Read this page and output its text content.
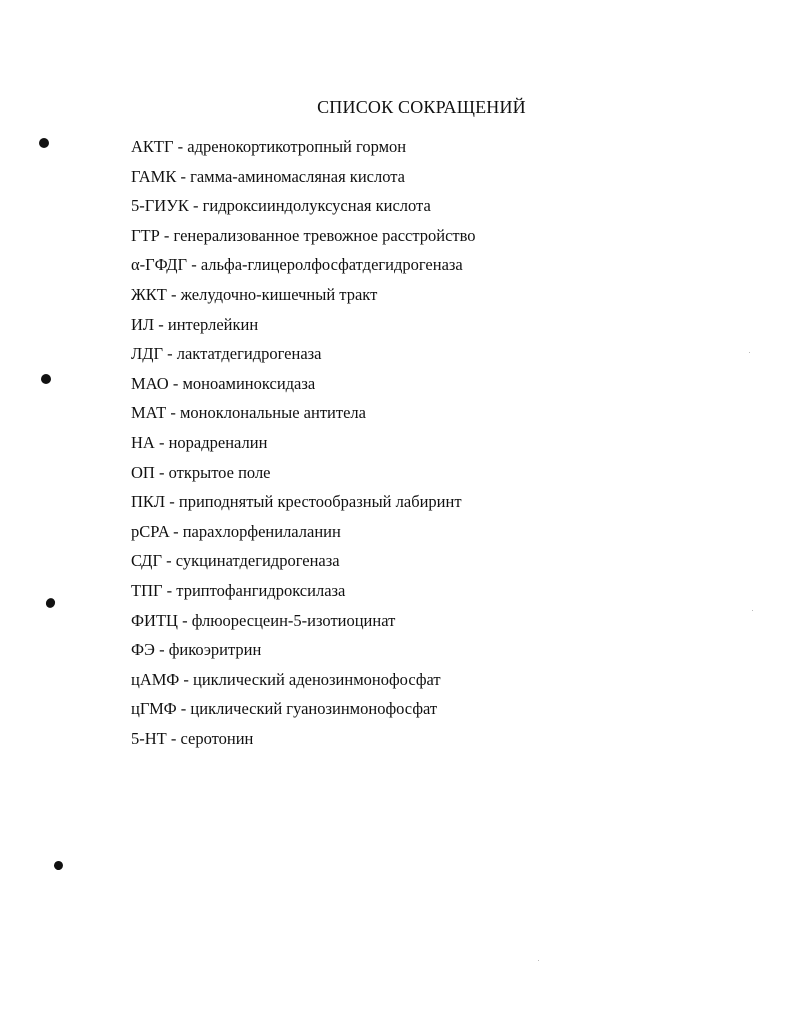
СПИСОК СОКРАЩЕНИЙ
АКТГ - адренокортикотропный гормон
ГАМК - гамма-аминомасляная кислота
5-ГИУК - гидроксииндолуксусная кислота
ГТР - генерализованное тревожное расстройство
α-ГФДГ - альфа-глицеролфосфатдегидрогеназа
ЖКТ - желудочно-кишечный тракт
ИЛ - интерлейкин
ЛДГ - лактатдегидрогеназа
МАО - моноаминоксидаза
МАТ - моноклональные антитела
НА - норадреналин
ОП - открытое поле
ПКЛ - приподнятый крестообразный лабиринт
pCPA - парахлорфенилаланин
СДГ - сукцинатдегидрогеназа
ТПГ - триптофангидроксилаза
ФИТЦ - флюоресцеин-5-изотиоцинат
ФЭ - фикоэритрин
цАМФ - циклический аденозинмонофосфат
цГМФ - циклический гуанозинмонофосфат
5-НТ - серотонин
